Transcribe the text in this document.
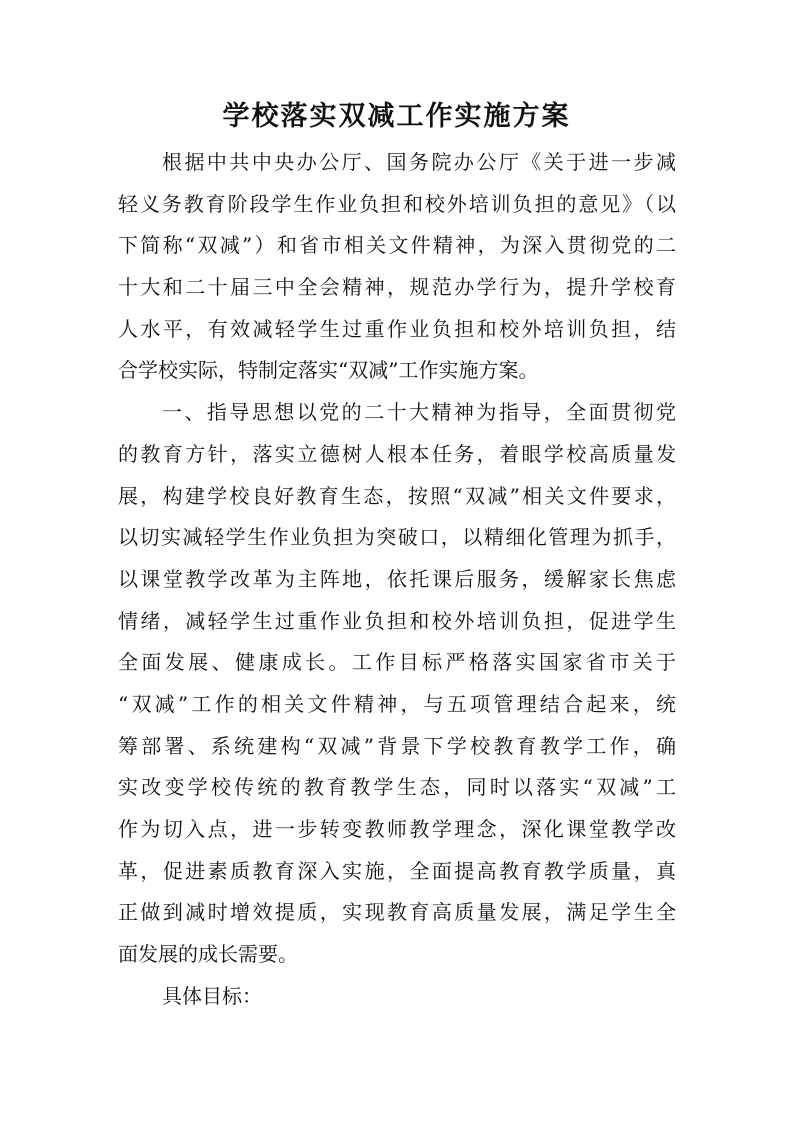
学校落实双减工作实施方案
根据中共中央办公厅、国务院办公厅《关于进一步减
轻义务教育阶段学生作业负担和校外培训负担的意见》（以
下简称“双减”）和省市相关文件精神，为深入贯彻党的二
十大和二十届三中全会精神，规范办学行为，提升学校育
人水平，有效减轻学生过重作业负担和校外培训负担，结
合学校实际，特制定落实“双减”工作实施方案。
一、指导思想以党的二十大精神为指导，全面贯彻党
的教育方针，落实立德树人根本任务，着眼学校高质量发
展，构建学校良好教育生态，按照“双减”相关文件要求，
以切实减轻学生作业负担为突破口，以精细化管理为抓手，
以课堂教学改革为主阵地，依托课后服务，缓解家长焦虑
情绪，减轻学生过重作业负担和校外培训负担，促进学生
全面发展、健康成长。工作目标严格落实国家省市关于
“双减”工作的相关文件精神，与五项管理结合起来，统
筹部署、系统建构“双减”背景下学校教育教学工作，确
实改变学校传统的教育教学生态，同时以落实“双减”工
作为切入点，进一步转变教师教学理念，深化课堂教学改
革，促进素质教育深入实施，全面提高教育教学质量，真
正做到减时增效提质，实现教育高质量发展，满足学生全
面发展的成长需要。
具体目标：
